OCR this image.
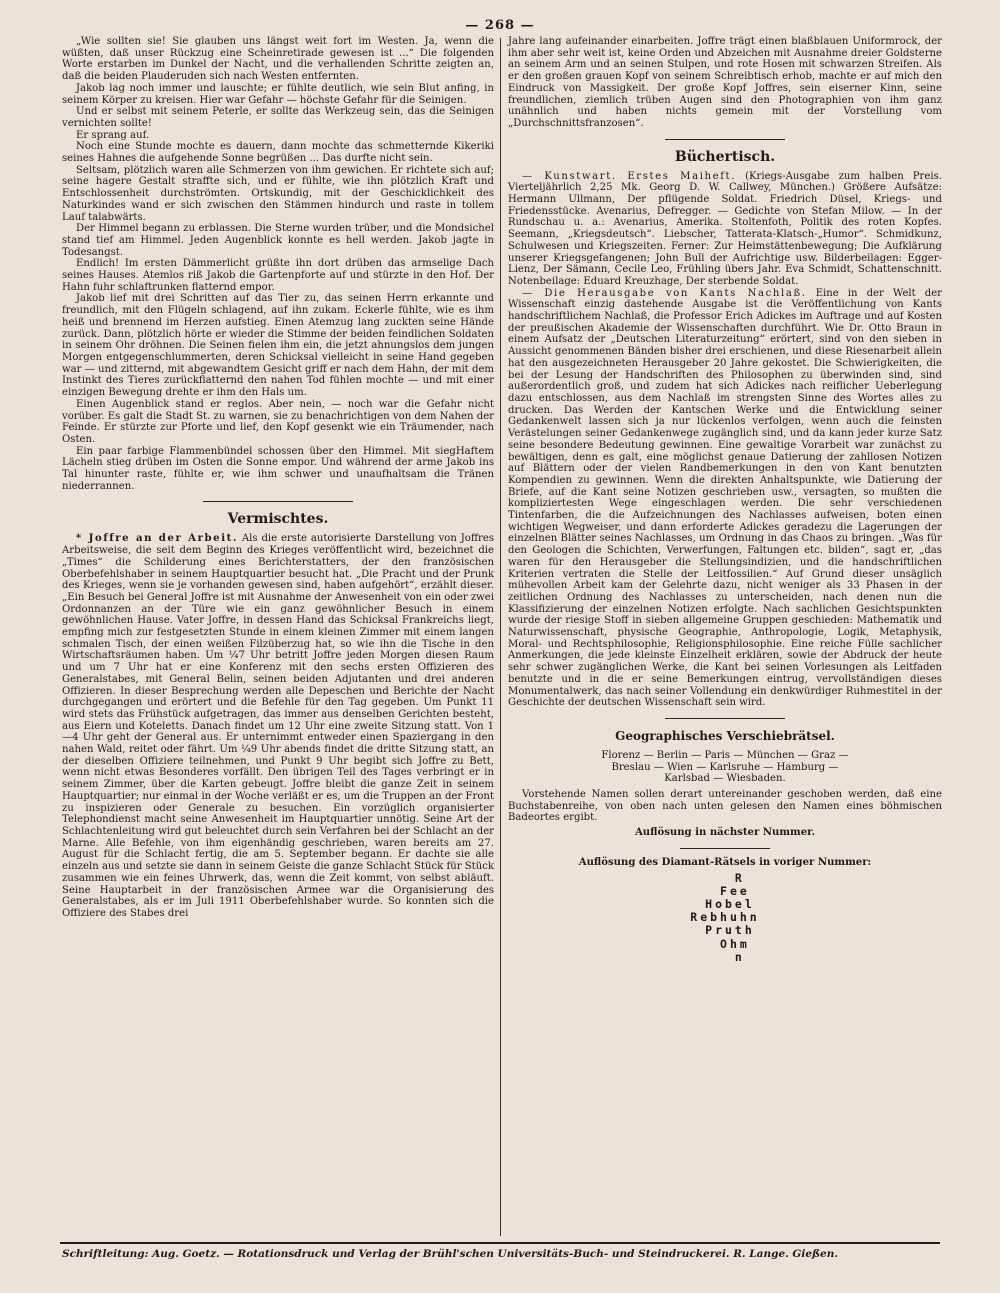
— 268 —

„Wie sollten sie! Sie glauben uns längst weit fort im Westen. Ja, wenn die wüßten, daß unser Rückzug eine Scheinretirade gewesen ist ...“ Die folgenden Worte erstarben im Dunkel der Nacht, und die verhallenden Schritte zeigten an, daß die beiden Plauderuden sich nach Westen entfernten.

Jakob lag noch immer und lauschte; er fühlte deutlich, wie sein Blut anfing, in seinem Körper zu kreisen. Hier war Gefahr — höchste Gefahr für die Seinigen.

Und er selbst mit seinem Peterle, er sollte das Werkzeug sein, das die Seinigen vernichten sollte!

Er sprang auf.

Noch eine Stunde mochte es dauern, dann mochte das schmetternde Kikeriki seines Hahnes die aufgehende Sonne begrüßen ... Das durfte nicht sein.

Seltsam, plötzlich waren alle Schmerzen von ihm gewichen. Er richtete sich auf; seine hagere Gestalt straffte sich, und er fühlte, wie ihn plötzlich Kraft und Entschlossenheit durchströmten. Ortskundig, mit der Geschicklichkeit des Naturkindes wand er sich zwischen den Stämmen hindurch und raste in tollem Lauf talabwärts.

Der Himmel begann zu erblassen. Die Sterne wurden trüber, und die Mondsichel stand tief am Himmel. Jeden Augenblick konnte es hell werden. Jakob jagte in Todesangst.

Endlich! Im ersten Dämmerlicht grüßte ihn dort drüben das armselige Dach seines Hauses. Atemlos riß Jakob die Gartenpforte auf und stürzte in den Hof. Der Hahn fuhr schlaftrunken flatternd empor.

Jakob lief mit drei Schritten auf das Tier zu, das seinen Herrn erkannte und freundlich, mit den Flügeln schlagend, auf ihn zukam. Eckerle fühlte, wie es ihm heiß und brennend im Herzen aufstieg. Einen Atemzug lang zuckten seine Hände zurück. Dann, plötzlich hörte er wieder die Stimme der beiden feindlichen Soldaten in seinem Ohr dröhnen. Die Seinen fielen ihm ein, die jetzt ahnungslos dem jungen Morgen entgegenschlummerten, deren Schicksal vielleicht in seine Hand gegeben war — und zitternd, mit abgewandtem Gesicht griff er nach dem Hahn, der mit dem Instinkt des Tieres zurückflatternd den nahen Tod fühlen mochte — und mit einer einzigen Bewegung drehte er ihm den Hals um.

Einen Augenblick stand er reglos. Aber nein, — noch war die Gefahr nicht vorüber. Es galt die Stadt St. zu warnen, sie zu benachrichtigen von dem Nahen der Feinde. Er stürzte zur Pforte und lief, den Kopf gesenkt wie ein Träumender, nach Osten.

Ein paar farbige Flammenbündel schossen über den Himmel. Mit siegHaftem Lächeln stieg drüben im Osten die Sonne empor. Und während der arme Jakob ins Tal hinunter raste, fühlte er, wie ihm schwer und unaufhaltsam die Tränen niederrannen.

Vermischtes.

* Joffre an der Arbeit. Als die erste autorisierte Darstellung von Joffres Arbeitsweise, die seit dem Beginn des Krieges veröffentlicht wird, bezeichnet die „Times“ die Schilderung eines Berichterstatters, der den französischen Oberbefehlshaber in seinem Hauptquartier besucht hat. „Die Pracht und der Prunk des Krieges, wenn sie je vorhanden gewesen sind, haben aufgehört“, erzählt dieser. „Ein Besuch bei General Joffre ist mit Ausnahme der Anwesenheit von ein oder zwei Ordonnanzen an der Türe wie ein ganz gewöhnlicher Besuch in einem gewöhnlichen Hause. Vater Joffre, in dessen Hand das Schicksal Frankreichs liegt, empfing mich zur festgesetzten Stunde in einem kleinen Zimmer mit einem langen schmalen Tisch, der einen weißen Filzüberzug hat, so wie ihn die Tische in den Wirtschaftsräumen haben. Um ¼7 Uhr betritt Joffre jeden Morgen diesen Raum und um 7 Uhr hat er eine Konferenz mit den sechs ersten Offizieren des Generalstabes, mit General Belin, seinen beiden Adjutanten und drei anderen Offizieren. In dieser Besprechung werden alle Depeschen und Berichte der Nacht durchgegangen und erörtert und die Befehle für den Tag gegeben. Um Punkt 11 wird stets das Frühstück aufgetragen, das immer aus denselben Gerichten besteht, aus Eiern und Koteletts. Danach findet um 12 Uhr eine zweite Sitzung statt. Von 1—4 Uhr geht der General aus. Er unternimmt entweder einen Spaziergang in den nahen Wald, reitet oder fährt. Um ¼9 Uhr abends findet die dritte Sitzung statt, an der dieselben Offiziere teilnehmen, und Punkt 9 Uhr begibt sich Joffre zu Bett, wenn nicht etwas Besonderes vorfällt. Den übrigen Teil des Tages verbringt er in seinem Zimmer, über die Karten gebeugt. Joffre bleibt die ganze Zeit in seinem Hauptquartier; nur einmal in der Woche verläßt er es, um die Truppen an der Front zu inspizieren oder Generale zu besuchen. Ein vorzüglich organisierter Telephondienst macht seine Anwesenheit im Hauptquartier unnötig. Seine Art der Schlachtenleitung wird gut beleuchtet durch sein Verfahren bei der Schlacht an der Marne. Alle Befehle, von ihm eigenhändig geschrieben, waren bereits am 27. August für die Schlacht fertig, die am 5. September begann. Er dachte sie alle einzeln aus und setzte sie dann in seinem Geiste die ganze Schlacht Stück für Stück zusammen wie ein feines Uhrwerk, das, wenn die Zeit kommt, von selbst abläuft. Seine Hauptarbeit in der französischen Armee war die Organisierung des Generalstabes, als er im Juli 1911 Oberbefehlshaber wurde. So konnten sich die Offiziere des Stabes drei

Jahre lang aufeinander einarbeiten. Joffre trägt einen blaßblauen Uniformrock, der ihm aber sehr weit ist, keine Orden und Abzeichen mit Ausnahme dreier Goldsterne an seinem Arm und an seinen Stulpen, und rote Hosen mit schwarzen Streifen. Als er den großen grauen Kopf von seinem Schreibtisch erhob, machte er auf mich den Eindruck von Massigkeit. Der große Kopf Joffres, sein eiserner Kinn, seine freundlichen, ziemlich trüben Augen sind den Photographien von ihm ganz unähnlich und haben nichts gemein mit der Vorstellung vom „Durchschnittsfranzosen“.

Büchertisch.

— Kunstwart. Erstes Maiheft. (Kriegs-Ausgabe zum halben Preis. Vierteljährlich 2,25 Mk. Georg D. W. Callwey, München.) Größere Aufsätze: Hermann Ullmann, Der pflügende Soldat. Friedrich Düsel, Kriegs- und Friedensstücke. Avenarius, Defregger. — Gedichte von Stefan Milow. — In der Rundschau u. a.: Avenarius, Amerika. Stoltenfoth, Politik des roten Kopfes. Seemann, „Kriegsdeutsch“. Liebscher, Tatterata-Klatsch-„Humor“. Schmidkunz, Schulwesen und Kriegszeiten. Ferner: Zur Heimstättenbewegung; Die Aufklärung unserer Kriegsgefangenen; John Bull der Aufrichtige usw. Bilderbeilagen: Egger-Lienz, Der Sämann, Cecile Leo, Frühling übers Jahr. Eva Schmidt, Schattenschnitt. Notenbeilage: Eduard Kreuzhage, Der sterbende Soldat.

— Die Herausgabe von Kants Nachlaß. Eine in der Welt der Wissenschaft einzig dastehende Ausgabe ist die Veröffentlichung von Kants handschriftlichem Nachlaß, die Professor Erich Adickes im Auftrage und auf Kosten der preußischen Akademie der Wissenschaften durchführt. Wie Dr. Otto Braun in einem Aufsatz der „Deutschen Literaturzeitung“ erörtert, sind von den sieben in Aussicht genommenen Bänden bisher drei erschienen, und diese Riesenarbeit allein hat den ausgezeichneten Herausgeber 20 Jahre gekostet. Die Schwierigkeiten, die bei der Lesung der Handschriften des Philosophen zu überwinden sind, sind außerordentlich groß, und zudem hat sich Adickes nach reiflicher Ueberlegung dazu entschlossen, aus dem Nachlaß im strengsten Sinne des Wortes alles zu drucken. Das Werden der Kantschen Werke und die Entwicklung seiner Gedankenwelt lassen sich ja nur lückenlos verfolgen, wenn auch die feinsten Verästelungen seiner Gedankenwege zugänglich sind, und da kann jeder kurze Satz seine besondere Bedeutung gewinnen. Eine gewaltige Vorarbeit war zunächst zu bewältigen, denn es galt, eine möglichst genaue Datierung der zahllosen Notizen auf Blättern oder der vielen Randbemerkungen in den von Kant benutzten Kompendien zu gewinnen. Wenn die direkten Anhaltspunkte, wie Datierung der Briefe, auf die Kant seine Notizen geschrieben usw., versagten, so mußten die kompliziertesten Wege eingeschlagen werden. Die sehr verschiedenen Tintenfarben, die die Aufzeichnungen des Nachlasses aufweisen, boten einen wichtigen Wegweiser, und dann erforderte Adickes geradezu die Lagerungen der einzelnen Blätter seines Nachlasses, um Ordnung in das Chaos zu bringen. „Was für den Geologen die Schichten, Verwerfungen, Faltungen etc. bilden“, sagt er, „das waren für den Herausgeber die Stellungsindizien, und die handschriftlichen Kriterien vertraten die Stelle der Leitfossilien.“ Auf Grund dieser unsäglich mühevollen Arbeit kam der Gelehrte dazu, nicht weniger als 33 Phasen in der zeitlichen Ordnung des Nachlasses zu unterscheiden, nach denen nun die Klassifizierung der einzelnen Notizen erfolgte. Nach sachlichen Gesichtspunkten wurde der riesige Stoff in sieben allgemeine Gruppen geschieden: Mathematik und Naturwissenschaft, physische Geographie, Anthropologie, Logik, Metaphysik, Moral- und Rechtsphilosophie, Religionsphilosophie. Eine reiche Fülle sachlicher Anmerkungen, die jede kleinste Einzelheit erklären, sowie der Abdruck der heute sehr schwer zugänglichen Werke, die Kant bei seinen Vorlesungen als Leitfaden benutzte und in die er seine Bemerkungen eintrug, vervollständigen dieses Monumentalwerk, das nach seiner Vollendung ein denkwürdiger Ruhmestitel in der Geschichte der deutschen Wissenschaft sein wird.

Geographisches Verschiebrätsel.
Florenz — Berlin — Paris — München — Graz —
Breslau — Wien — Karlsruhe — Hamburg —
Karlsbad — Wiesbaden.

Vorstehende Namen sollen derart untereinander geschoben werden, daß eine Buchstabenreihe, von oben nach unten gelesen den Namen eines böhmischen Badeortes ergibt.

Auflösung in nächster Nummer.

Auflösung des Diamant-Rätsels in voriger Nummer:

R
Fee
Hobel
Rebhuhn
Pruth
Ohm
n
Schriftleitung: Aug. Goetz. — Rotationsdruck und Verlag der Brühl'schen Universitäts-Buch- und Steindruckerei. R. Lange. Gießen.
